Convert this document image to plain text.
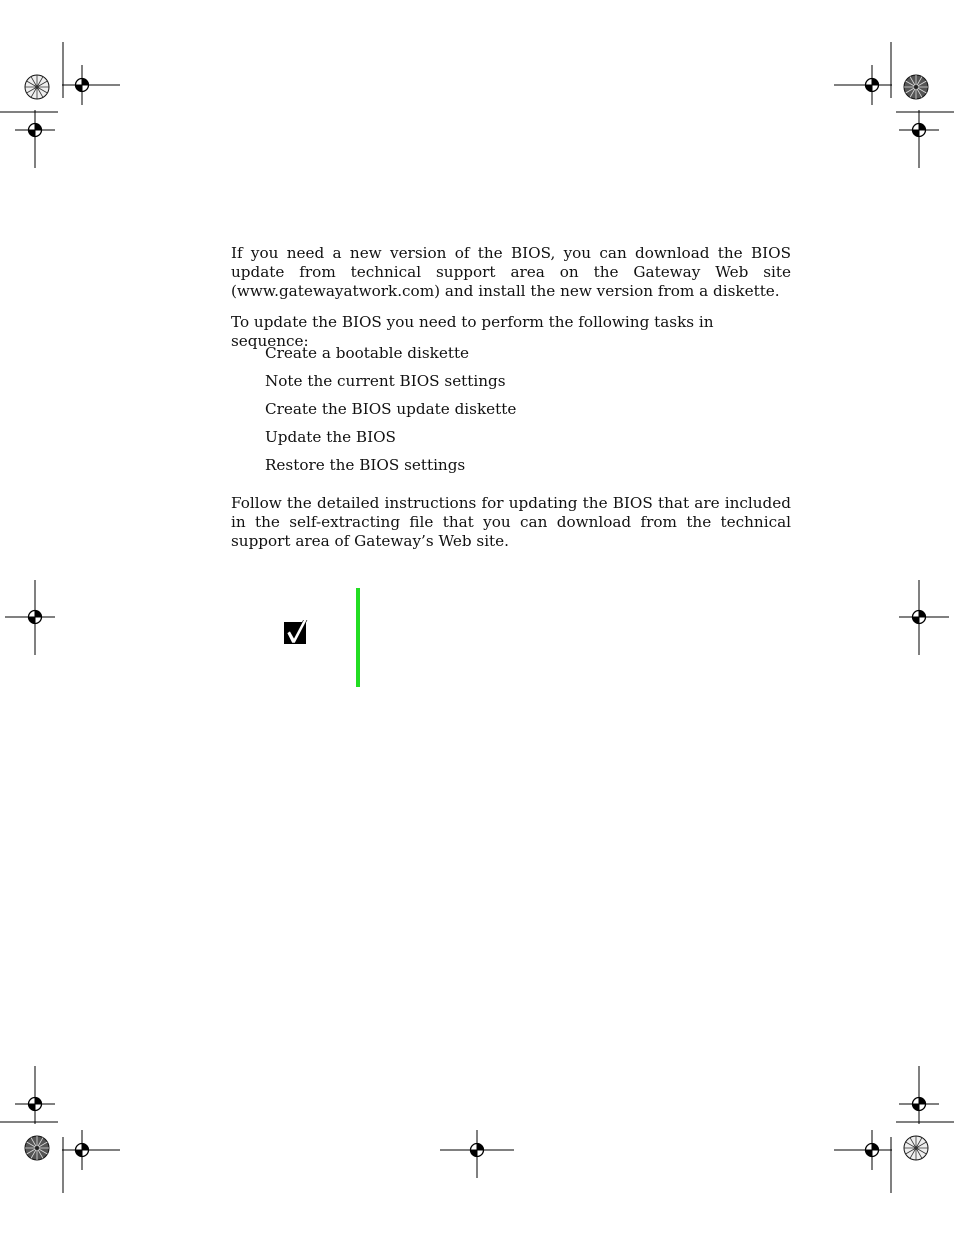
If you need a new version of the BIOS, you can download the BIOS update from technical support area on the Gateway Web site (www.gatewayatwork.com) and install the new version from a diskette.

To update the BIOS you need to perform the following tasks in sequence:

Create a bootable diskette
Note the current BIOS settings
Create the BIOS update diskette
Update the BIOS
Restore the BIOS settings

Follow the detailed instructions for updating the BIOS that are included in the self-extracting file that you can download from the technical support area of Gateway’s Web site.
